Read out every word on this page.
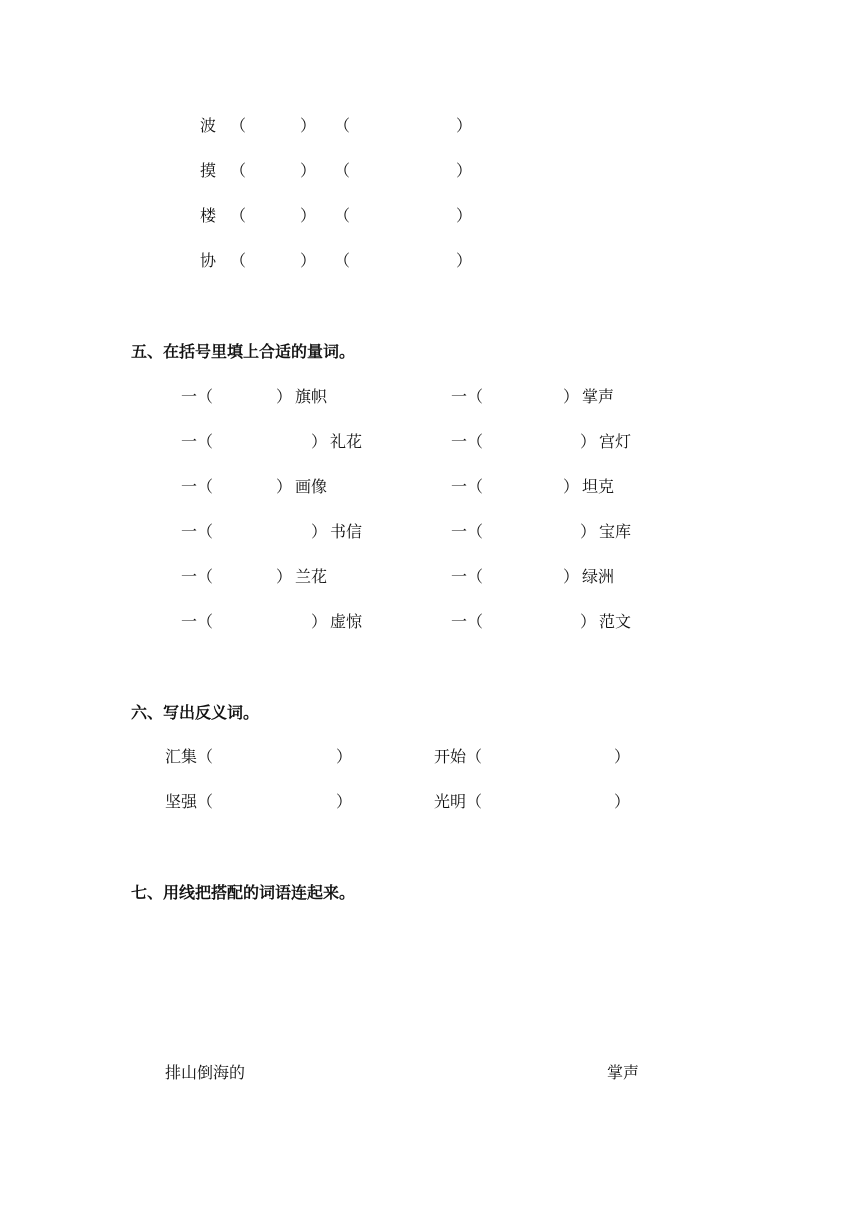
波 （	） （	）
摸 （	） （	）
楼 （	） （	）
协 （	） （	）
五、在括号里填上合适的量词。
一（	） 旗帜	一（	） 掌声
一（	） 礼花	一（	） 宫灯
一（	） 画像	一（	） 坦克
一（	） 书信	一（	） 宝库
一（	） 兰花	一（	） 绿洲
一（	） 虚惊	一（	） 范文
六、写出反义词。
汇集（	）	开始（	）
坚强（	）	光明（	）
七、用线把搭配的词语连起来。
排山倒海的	掌声
